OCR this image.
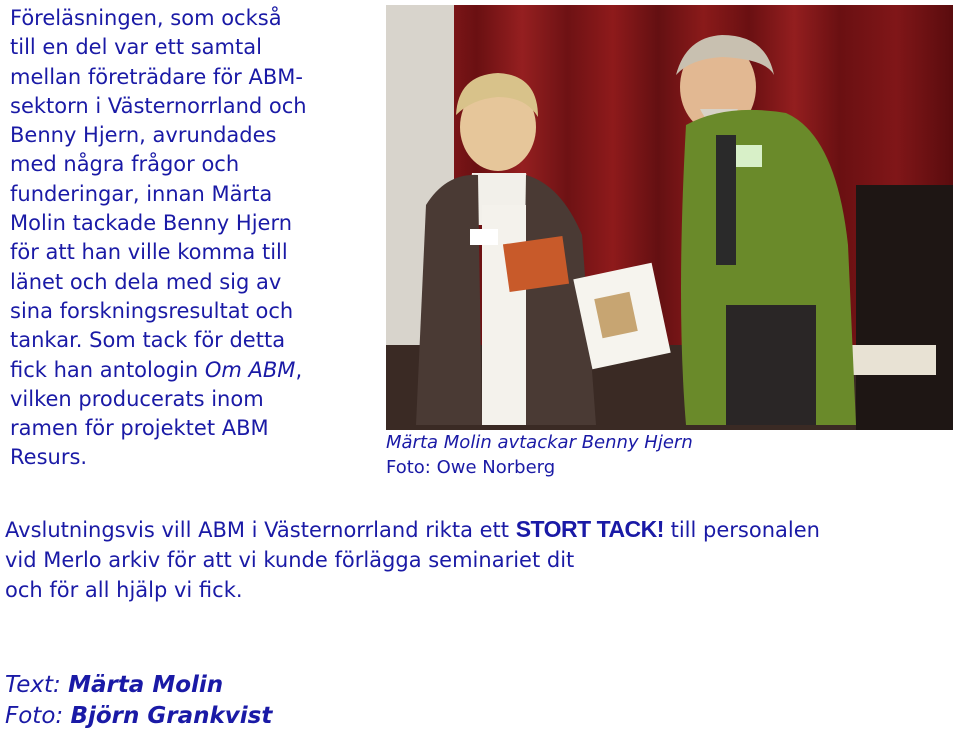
Föreläsningen, som också
till en del var ett samtal
mellan företrädare för ABM-
sektorn i Västernorrland och
Benny Hjern, avrundades
med några frågor och
funderingar, innan Märta
Molin tackade Benny Hjern
för att han ville komma till
länet och dela med sig av
sina forskningsresultat och
tankar. Som tack för detta
fick han antologin Om ABM,
vilken producerats inom
ramen för projektet ABM
Resurs.
Märta Molin avtackar Benny Hjern
Foto: Owe Norberg
Avslutningsvis vill ABM i Västernorrland rikta ett STORT TACK! till personalen
vid Merlo arkiv för att vi kunde förlägga seminariet dit
och för all hjälp vi fick.
Text: Märta Molin
Foto: Björn Grankvist
